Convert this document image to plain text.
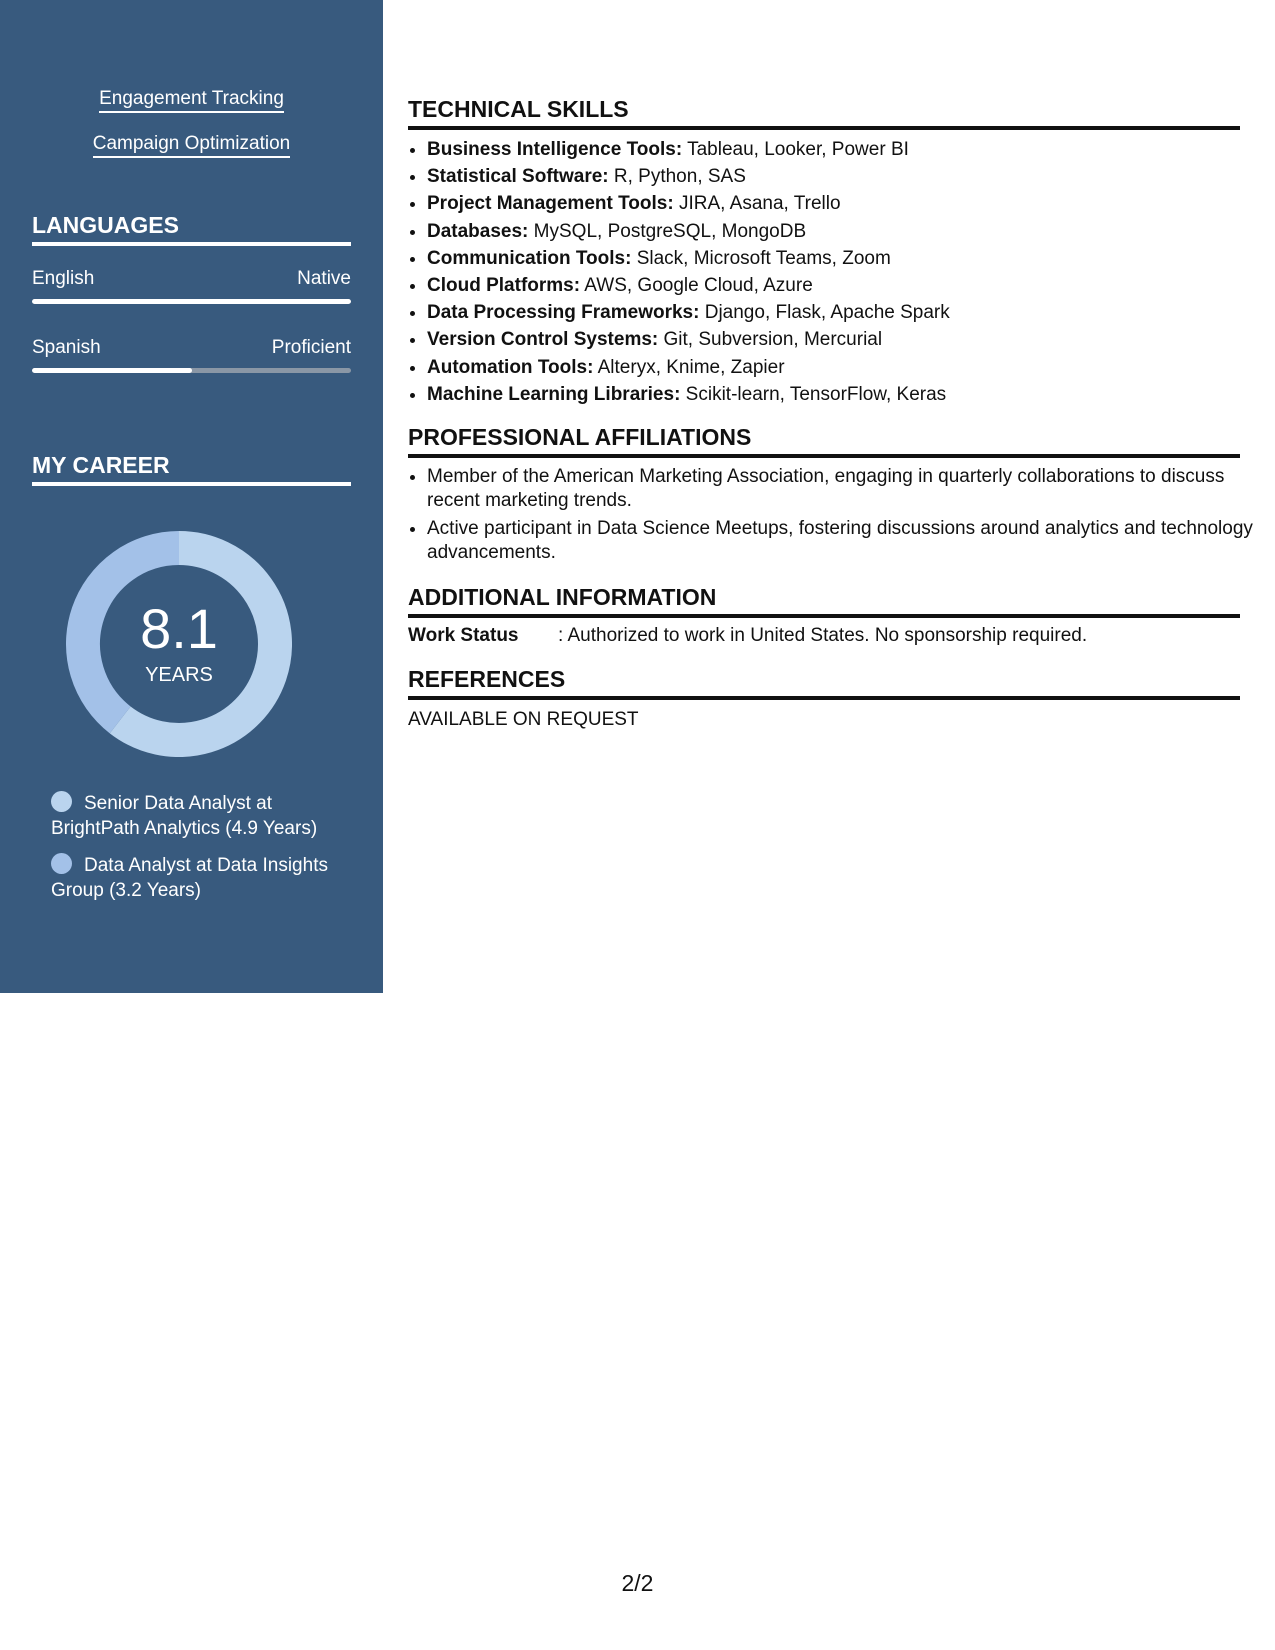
Engagement Tracking
Campaign Optimization
LANGUAGES
English	Native
Spanish	Proficient
MY CAREER
8.1
YEARS
Senior Data Analyst at BrightPath Analytics (4.9 Years)
Data Analyst at Data Insights Group (3.2 Years)
TECHNICAL SKILLS
• Business Intelligence Tools: Tableau, Looker, Power BI
• Statistical Software: R, Python, SAS
• Project Management Tools: JIRA, Asana, Trello
• Databases: MySQL, PostgreSQL, MongoDB
• Communication Tools: Slack, Microsoft Teams, Zoom
• Cloud Platforms: AWS, Google Cloud, Azure
• Data Processing Frameworks: Django, Flask, Apache Spark
• Version Control Systems: Git, Subversion, Mercurial
• Automation Tools: Alteryx, Knime, Zapier
• Machine Learning Libraries: Scikit-learn, TensorFlow, Keras
PROFESSIONAL AFFILIATIONS
• Member of the American Marketing Association, engaging in quarterly collaborations to discuss recent marketing trends.
• Active participant in Data Science Meetups, fostering discussions around analytics and technology advancements.
ADDITIONAL INFORMATION
Work Status : Authorized to work in United States. No sponsorship required.
REFERENCES
AVAILABLE ON REQUEST
2/2
